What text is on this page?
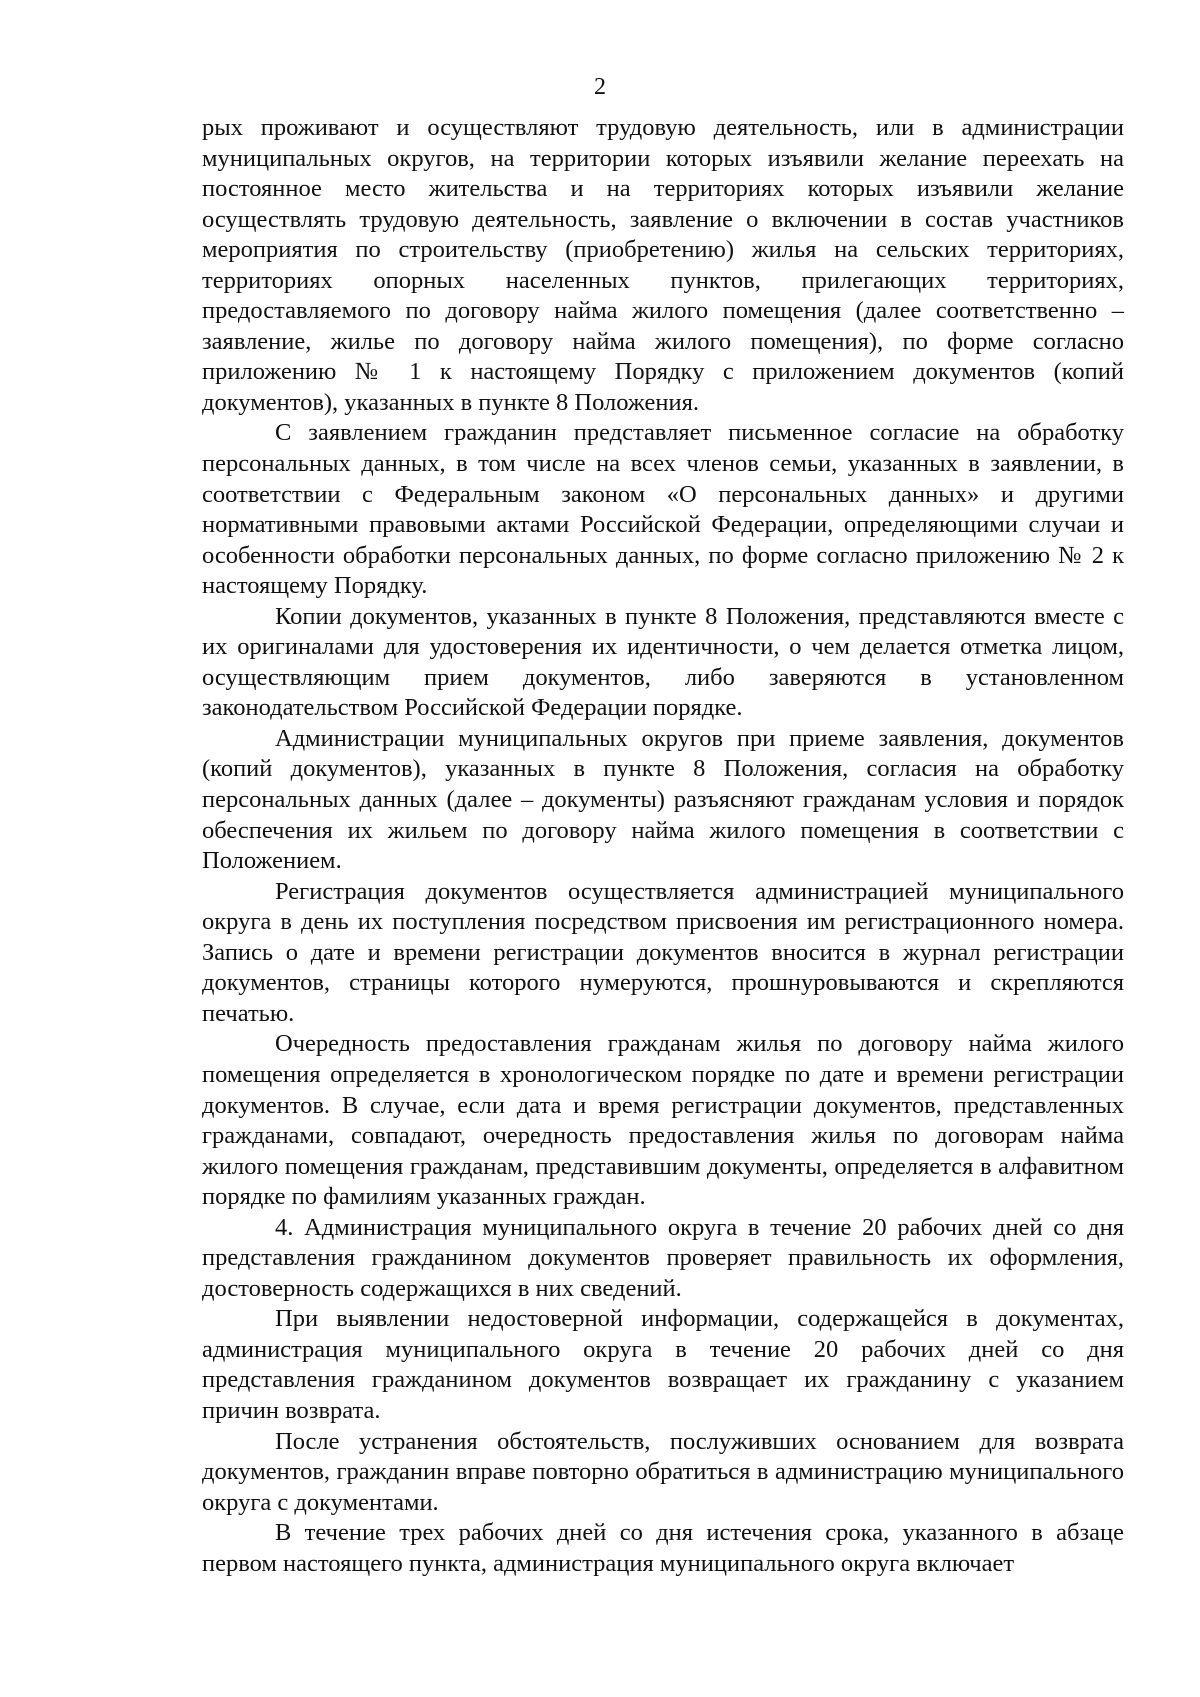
2

рых проживают и осуществляют трудовую деятельность, или в администрации муниципальных округов, на территории которых изъявили желание переехать на постоянное место жительства и на территориях которых изъявили желание осуществлять трудовую деятельность, заявление о включении в состав участников мероприятия по строительству (приобретению) жилья на сельских территориях, территориях опорных населенных пунктов, прилегающих территориях, предоставляемого по договору найма жилого помещения (далее соответственно – заявление, жилье по договору найма жилого помещения), по форме согласно приложению № 1 к настоящему Порядку с приложением документов (копий документов), указанных в пункте 8 Положения.

С заявлением гражданин представляет письменное согласие на обработку персональных данных, в том числе на всех членов семьи, указанных в заявлении, в соответствии с Федеральным законом «О персональных данных» и другими нормативными правовыми актами Российской Федерации, определяющими случаи и особенности обработки персональных данных, по форме согласно приложению № 2 к настоящему Порядку.

Копии документов, указанных в пункте 8 Положения, представляются вместе с их оригиналами для удостоверения их идентичности, о чем делается отметка лицом, осуществляющим прием документов, либо заверяются в установленном законодательством Российской Федерации порядке.

Администрации муниципальных округов при приеме заявления, документов (копий документов), указанных в пункте 8 Положения, согласия на обработку персональных данных (далее – документы) разъясняют гражданам условия и порядок обеспечения их жильем по договору найма жилого помещения в соответствии с Положением.

Регистрация документов осуществляется администрацией муниципального округа в день их поступления посредством присвоения им регистрационного номера. Запись о дате и времени регистрации документов вносится в журнал регистрации документов, страницы которого нумеруются, прошнуровываются и скрепляются печатью.

Очередность предоставления гражданам жилья по договору найма жилого помещения определяется в хронологическом порядке по дате и времени регистрации документов. В случае, если дата и время регистрации документов, представленных гражданами, совпадают, очередность предоставления жилья по договорам найма жилого помещения гражданам, представившим документы, определяется в алфавитном порядке по фамилиям указанных граждан.

4. Администрация муниципального округа в течение 20 рабочих дней со дня представления гражданином документов проверяет правильность их оформления, достоверность содержащихся в них сведений.

При выявлении недостоверной информации, содержащейся в документах, администрация муниципального округа в течение 20 рабочих дней со дня представления гражданином документов возвращает их гражданину с указанием причин возврата.

После устранения обстоятельств, послуживших основанием для возврата документов, гражданин вправе повторно обратиться в администрацию муниципального округа с документами.

В течение трех рабочих дней со дня истечения срока, указанного в абзаце первом настоящего пункта, администрация муниципального округа включает
